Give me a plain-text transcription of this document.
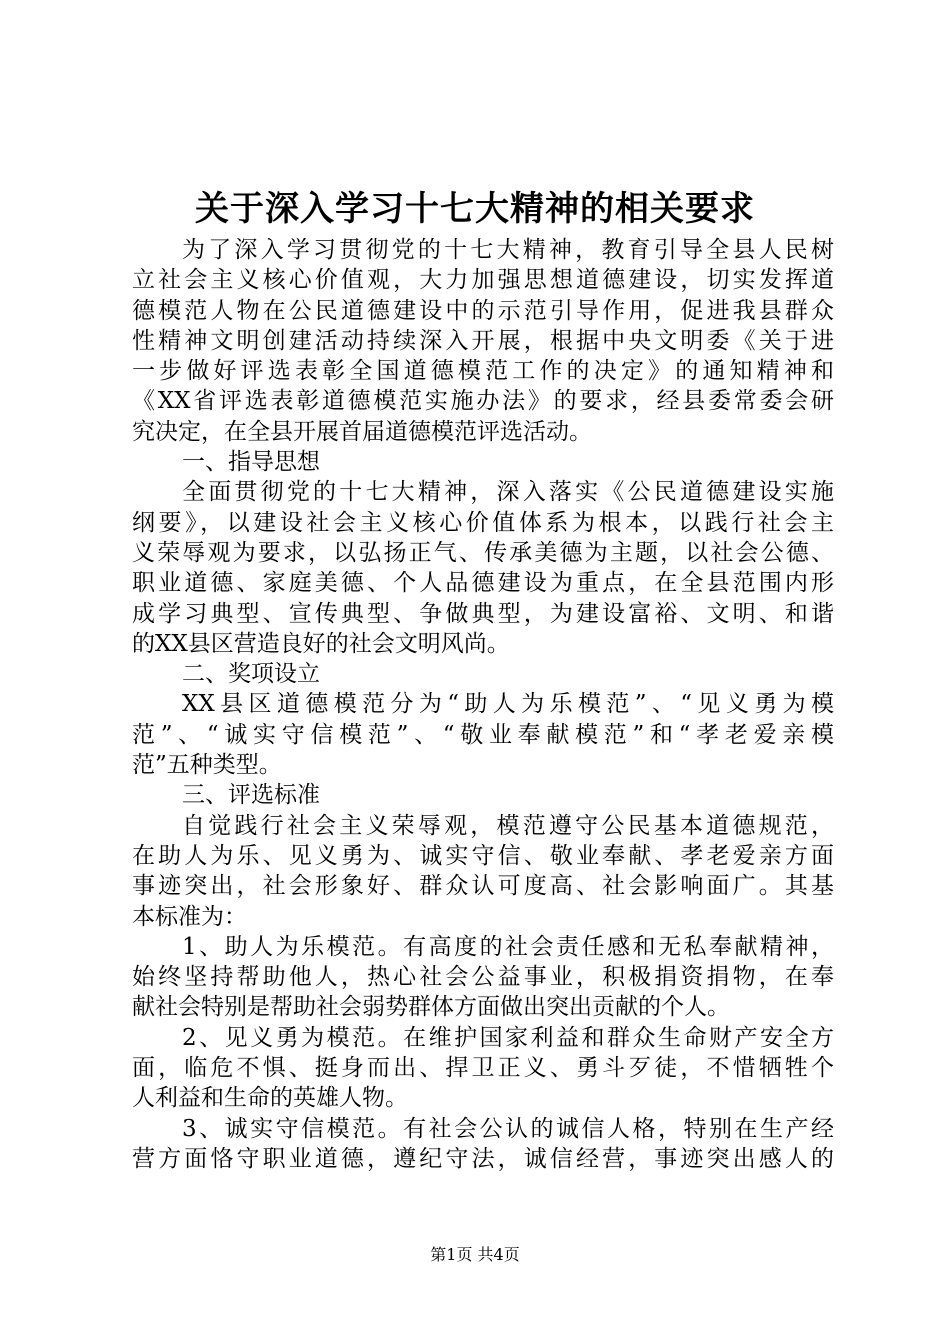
关于深入学习十七大精神的相关要求
为了深入学习贯彻党的十七大精神，教育引导全县人民树
立社会主义核心价值观，大力加强思想道德建设，切实发挥道
德模范人物在公民道德建设中的示范引导作用，促进我县群众
性精神文明创建活动持续深入开展，根据中央文明委《关于进
一步做好评选表彰全国道德模范工作的决定》的通知精神和
《XX省评选表彰道德模范实施办法》的要求，经县委常委会研
究决定，在全县开展首届道德模范评选活动。
一、指导思想
全面贯彻党的十七大精神，深入落实《公民道德建设实施
纲要》，以建设社会主义核心价值体系为根本，以践行社会主
义荣辱观为要求，以弘扬正气、传承美德为主题，以社会公德、
职业道德、家庭美德、个人品德建设为重点，在全县范围内形
成学习典型、宣传典型、争做典型，为建设富裕、文明、和谐
的XX县区营造良好的社会文明风尚。
二、奖项设立
XX县区道德模范分为“助人为乐模范”、“见义勇为模
范”、“诚实守信模范”、“敬业奉献模范”和“孝老爱亲模
范”五种类型。
三、评选标准
自觉践行社会主义荣辱观，模范遵守公民基本道德规范，
在助人为乐、见义勇为、诚实守信、敬业奉献、孝老爱亲方面
事迹突出，社会形象好、群众认可度高、社会影响面广。其基
本标准为：
1、助人为乐模范。有高度的社会责任感和无私奉献精神，
始终坚持帮助他人，热心社会公益事业，积极捐资捐物，在奉
献社会特别是帮助社会弱势群体方面做出突出贡献的个人。
2、见义勇为模范。在维护国家利益和群众生命财产安全方
面，临危不惧、挺身而出、捍卫正义、勇斗歹徒，不惜牺牲个
人利益和生命的英雄人物。
3、诚实守信模范。有社会公认的诚信人格，特别在生产经
营方面恪守职业道德，遵纪守法，诚信经营，事迹突出感人的
第1页 共4页
